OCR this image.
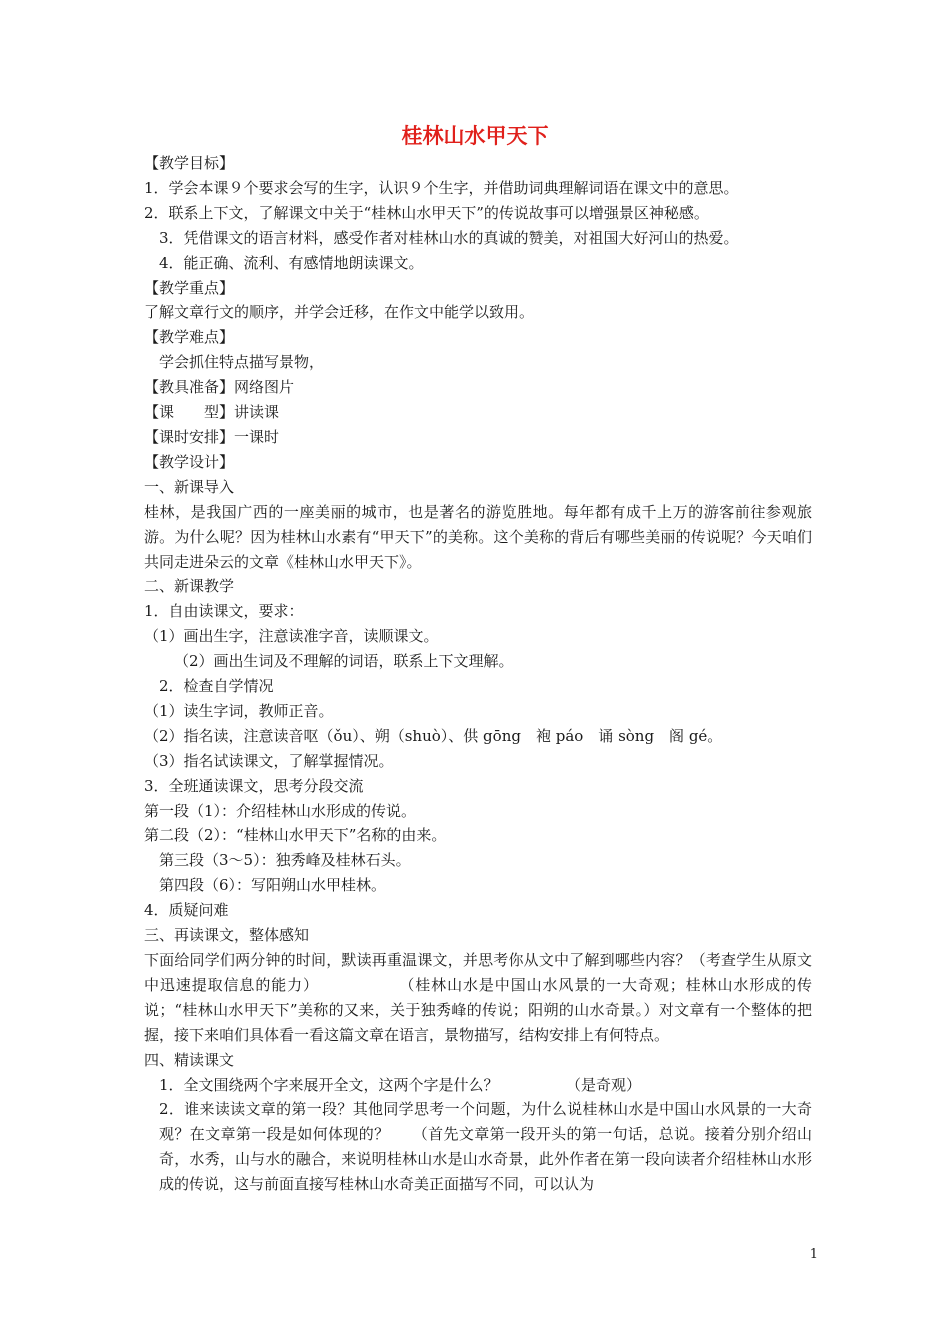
桂林山水甲天下

【教学目标】

1．学会本课９个要求会写的生字，认识９个生字，并借助词典理解词语在课文中的意思。

2．联系上下文，了解课文中关于“桂林山水甲天下”的传说故事可以增强景区神秘感。

3．凭借课文的语言材料，感受作者对桂林山水的真诚的赞美，对祖国大好河山的热爱。

4．能正确、流利、有感情地朗读课文。

【教学重点】

了解文章行文的顺序，并学会迁移，在作文中能学以致用。

【教学难点】

学会抓住特点描写景物，

【教具准备】网络图片

【课　　型】讲读课

【课时安排】一课时

【教学设计】

一、新课导入

桂林，是我国广西的一座美丽的城市，也是著名的游览胜地。每年都有成千上万的游客前往参观旅游。为什么呢？因为桂林山水素有“甲天下”的美称。这个美称的背后有哪些美丽的传说呢？今天咱们共同走进朵云的文章《桂林山水甲天下》。

二、新课教学

1．自由读课文，要求：

（1）画出生字，注意读准字音，读顺课文。

（2）画出生词及不理解的词语，联系上下文理解。

2．检查自学情况

（1）读生字词，教师正音。

（2）指名读，注意读音呕（ǒu）、朔（shuò）、供 gōng　袍 páo　诵 sòng　阁 gé。

（3）指名试读课文，了解掌握情况。

3．全班通读课文，思考分段交流

第一段（1）：介绍桂林山水形成的传说。

第二段（2）：“桂林山水甲天下”名称的由来。

第三段（3～5）：独秀峰及桂林石头。

第四段（6）：写阳朔山水甲桂林。

4．质疑问难

三、再读课文，整体感知

下面给同学们两分钟的时间，默读再重温课文，并思考你从文中了解到哪些内容？（考查学生从原文中迅速提取信息的能力）　　　　　　（桂林山水是中国山水风景的一大奇观；桂林山水形成的传说；“桂林山水甲天下”美称的又来，关于独秀峰的传说；阳朔的山水奇景。）对文章有一个整体的把握，接下来咱们具体看一看这篇文章在语言，景物描写，结构安排上有何特点。

四、精读课文

1．全文围绕两个字来展开全文，这两个字是什么？　　　　　（是奇观）

2．谁来读读文章的第一段？其他同学思考一个问题，为什么说桂林山水是中国山水风景的一大奇观？在文章第一段是如何体现的？　　（首先文章第一段开头的第一句话，总说。接着分别介绍山奇，水秀，山与水的融合，来说明桂林山水是山水奇景，此外作者在第一段向读者介绍桂林山水形成的传说，这与前面直接写桂林山水奇美正面描写不同，可以认为

1
